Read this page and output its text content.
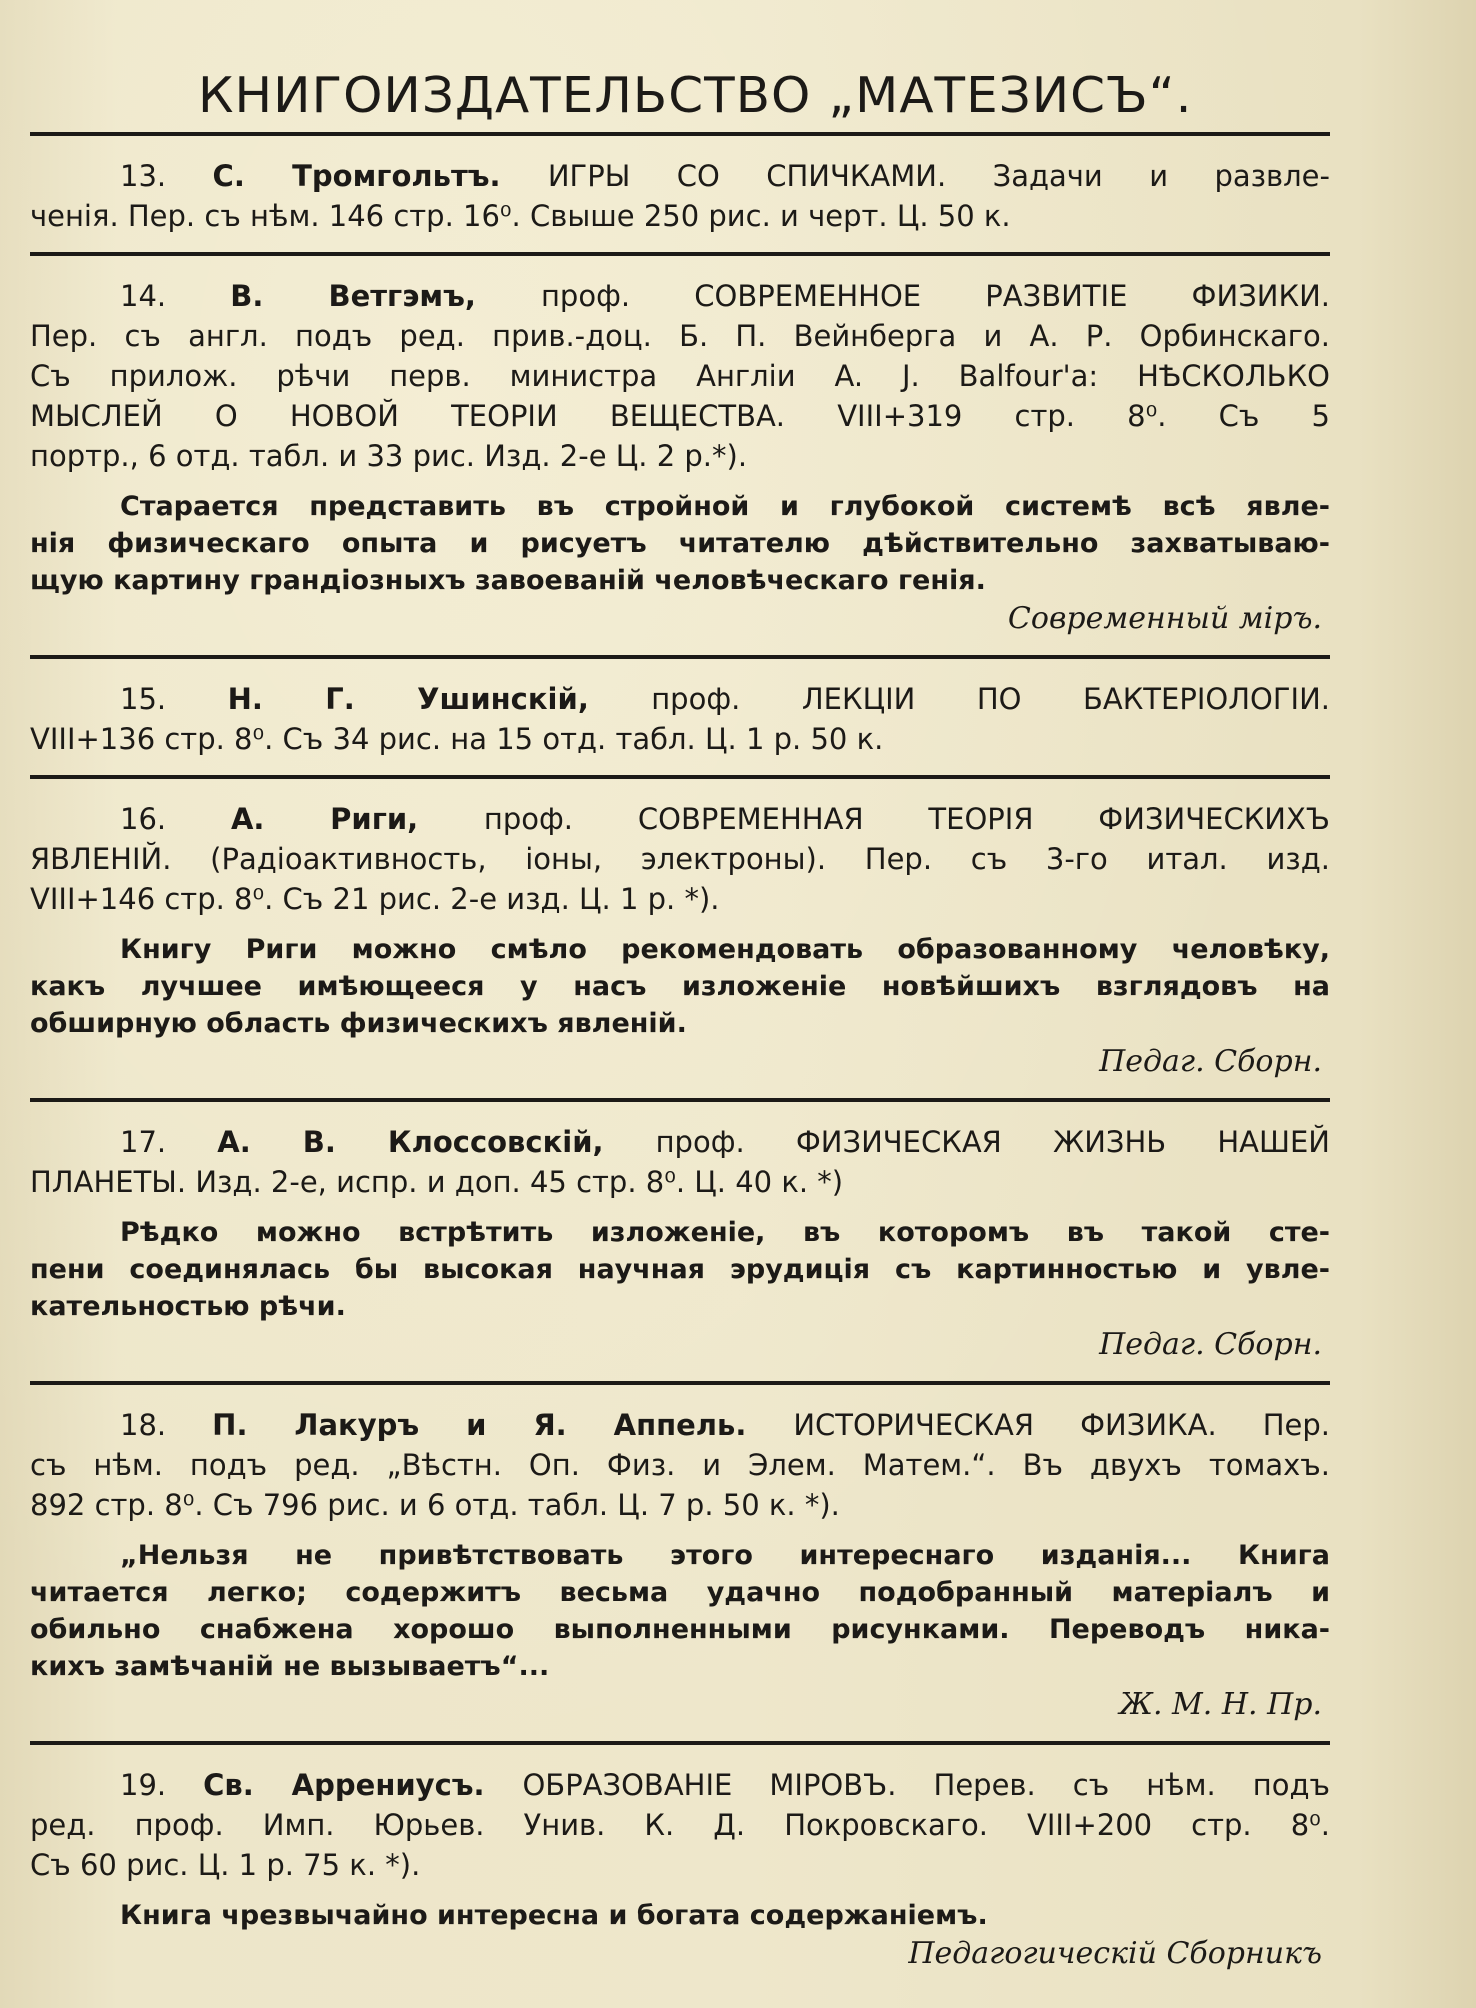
КНИГОИЗДАТЕЛЬСТВО „МАТЕЗИСЪ“.
13. С. Тромгольтъ. ИГРЫ СО СПИЧКАМИ. Задачи и развле-
ченія. Пер. съ нѣм. 146 стр. 16⁰. Свыше 250 рис. и черт. Ц. 50 к.
14. В. Ветгэмъ, проф. СОВРЕМЕННОЕ РАЗВИТІЕ ФИЗИКИ.
Пер. съ англ. подъ ред. прив.-доц. Б. П. Вейнберга и А. Р. Орбинскаго.
Съ прилож. рѣчи перв. министра Англіи A. J. Balfour'a: НѢСКОЛЬКО
МЫСЛЕЙ О НОВОЙ ТЕОРІИ ВЕЩЕСТВА. VIII+319 стр. 8⁰. Съ 5
портр., 6 отд. табл. и 33 рис. Изд. 2-е Ц. 2 р.*).
Старается представить въ стройной и глубокой системѣ всѣ явле-
нія физическаго опыта и рисуетъ читателю дѣйствительно захватываю-
щую картину грандіозныхъ завоеваній человѣческаго генія.
Современный міръ.
15. Н. Г. Ушинскій, проф. ЛЕКЦІИ ПО БАКТЕРІОЛОГІИ.
VIII+136 стр. 8⁰. Съ 34 рис. на 15 отд. табл. Ц. 1 р. 50 к.
16. А. Риги, проф. СОВРЕМЕННАЯ ТЕОРІЯ ФИЗИЧЕСКИХЪ
ЯВЛЕНІЙ. (Радіоактивность, іоны, электроны). Пер. съ 3-го итал. изд.
VIII+146 стр. 8⁰. Съ 21 рис. 2-е изд. Ц. 1 р. *).
Книгу Риги можно смѣло рекомендовать образованному человѣку,
какъ лучшее имѣющееся у насъ изложеніе новѣйшихъ взглядовъ на
обширную область физическихъ явленій.
Педаг. Сборн.
17. А. В. Клоссовскій, проф. ФИЗИЧЕСКАЯ ЖИЗНЬ НАШЕЙ
ПЛАНЕТЫ. Изд. 2-е, испр. и доп. 45 стр. 8⁰. Ц. 40 к. *)
Рѣдко можно встрѣтить изложеніе, въ которомъ въ такой сте-
пени соединялась бы высокая научная эрудиція съ картинностью и увле-
кательностью рѣчи.
Педаг. Сборн.
18. П. Лакуръ и Я. Аппель. ИСТОРИЧЕСКАЯ ФИЗИКА. Пер.
съ нѣм. подъ ред. „Вѣстн. Оп. Физ. и Элем. Матем.“. Въ двухъ томахъ.
892 стр. 8⁰. Съ 796 рис. и 6 отд. табл. Ц. 7 р. 50 к. *).
„Нельзя не привѣтствовать этого интереснаго изданія... Книга
читается легко; содержитъ весьма удачно подобранный матеріалъ и
обильно снабжена хорошо выполненными рисунками. Переводъ ника-
кихъ замѣчаній не вызываетъ“...
Ж. М. Н. Пр.
19. Св. Аррениусъ. ОБРАЗОВАНІЕ МІРОВЪ. Перев. съ нѣм. подъ
ред. проф. Имп. Юрьев. Унив. К. Д. Покровскаго. VIII+200 стр. 8⁰.
Съ 60 рис. Ц. 1 р. 75 к. *).
Книга чрезвычайно интересна и богата содержаніемъ.
Педагогическій Сборникъ
